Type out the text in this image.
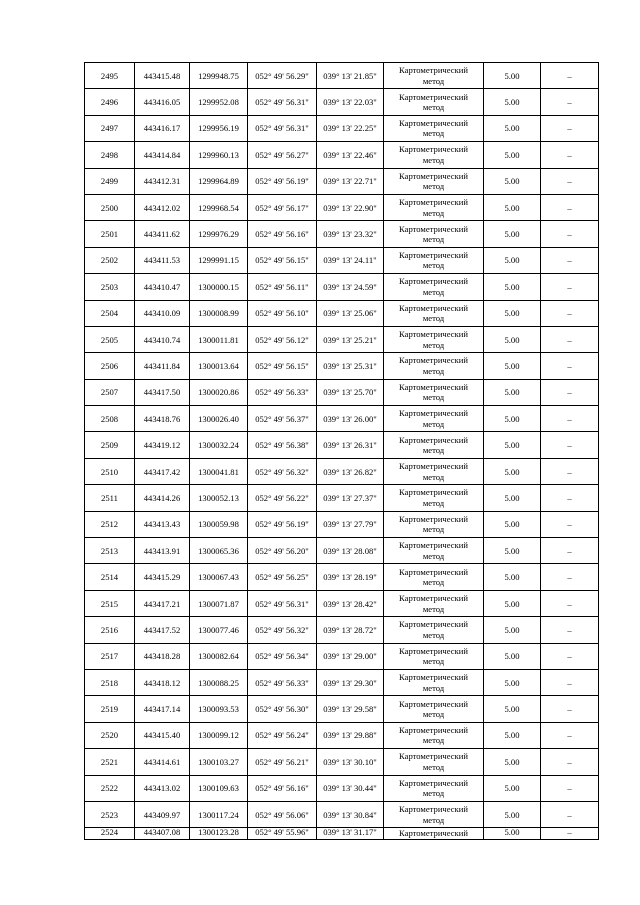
2495	443415.48	1299948.75	052° 49' 56.29"	039° 13' 21.85"	Картометрический
метод	5.00	–
2496	443416.05	1299952.08	052° 49' 56.31"	039° 13' 22.03"	Картометрический
метод	5.00	–
2497	443416.17	1299956.19	052° 49' 56.31"	039° 13' 22.25"	Картометрический
метод	5.00	–
2498	443414.84	1299960.13	052° 49' 56.27"	039° 13' 22.46"	Картометрический
метод	5.00	–
2499	443412.31	1299964.89	052° 49' 56.19"	039° 13' 22.71"	Картометрический
метод	5.00	–
2500	443412.02	1299968.54	052° 49' 56.17"	039° 13' 22.90"	Картометрический
метод	5.00	–
2501	443411.62	1299976.29	052° 49' 56.16"	039° 13' 23.32"	Картометрический
метод	5.00	–
2502	443411.53	1299991.15	052° 49' 56.15"	039° 13' 24.11"	Картометрический
метод	5.00	–
2503	443410.47	1300000.15	052° 49' 56.11"	039° 13' 24.59"	Картометрический
метод	5.00	–
2504	443410.09	1300008.99	052° 49' 56.10"	039° 13' 25.06"	Картометрический
метод	5.00	–
2505	443410.74	1300011.81	052° 49' 56.12"	039° 13' 25.21"	Картометрический
метод	5.00	–
2506	443411.84	1300013.64	052° 49' 56.15"	039° 13' 25.31"	Картометрический
метод	5.00	–
2507	443417.50	1300020.86	052° 49' 56.33"	039° 13' 25.70"	Картометрический
метод	5.00	–
2508	443418.76	1300026.40	052° 49' 56.37"	039° 13' 26.00"	Картометрический
метод	5.00	–
2509	443419.12	1300032.24	052° 49' 56.38"	039° 13' 26.31"	Картометрический
метод	5.00	–
2510	443417.42	1300041.81	052° 49' 56.32"	039° 13' 26.82"	Картометрический
метод	5.00	–
2511	443414.26	1300052.13	052° 49' 56.22"	039° 13' 27.37"	Картометрический
метод	5.00	–
2512	443413.43	1300059.98	052° 49' 56.19"	039° 13' 27.79"	Картометрический
метод	5.00	–
2513	443413.91	1300065.36	052° 49' 56.20"	039° 13' 28.08"	Картометрический
метод	5.00	–
2514	443415.29	1300067.43	052° 49' 56.25"	039° 13' 28.19"	Картометрический
метод	5.00	–
2515	443417.21	1300071.87	052° 49' 56.31"	039° 13' 28.42"	Картометрический
метод	5.00	–
2516	443417.52	1300077.46	052° 49' 56.32"	039° 13' 28.72"	Картометрический
метод	5.00	–
2517	443418.28	1300082.64	052° 49' 56.34"	039° 13' 29.00"	Картометрический
метод	5.00	–
2518	443418.12	1300088.25	052° 49' 56.33"	039° 13' 29.30"	Картометрический
метод	5.00	–
2519	443417.14	1300093.53	052° 49' 56.30"	039° 13' 29.58"	Картометрический
метод	5.00	–
2520	443415.40	1300099.12	052° 49' 56.24"	039° 13' 29.88"	Картометрический
метод	5.00	–
2521	443414.61	1300103.27	052° 49' 56.21"	039° 13' 30.10"	Картометрический
метод	5.00	–
2522	443413.02	1300109.63	052° 49' 56.16"	039° 13' 30.44"	Картометрический
метод	5.00	–
2523	443409.97	1300117.24	052° 49' 56.06"	039° 13' 30.84"	Картометрический
метод	5.00	–
2524	443407.08	1300123.28	052° 49' 55.96"	039° 13' 31.17"	Картометрический	5.00	–
